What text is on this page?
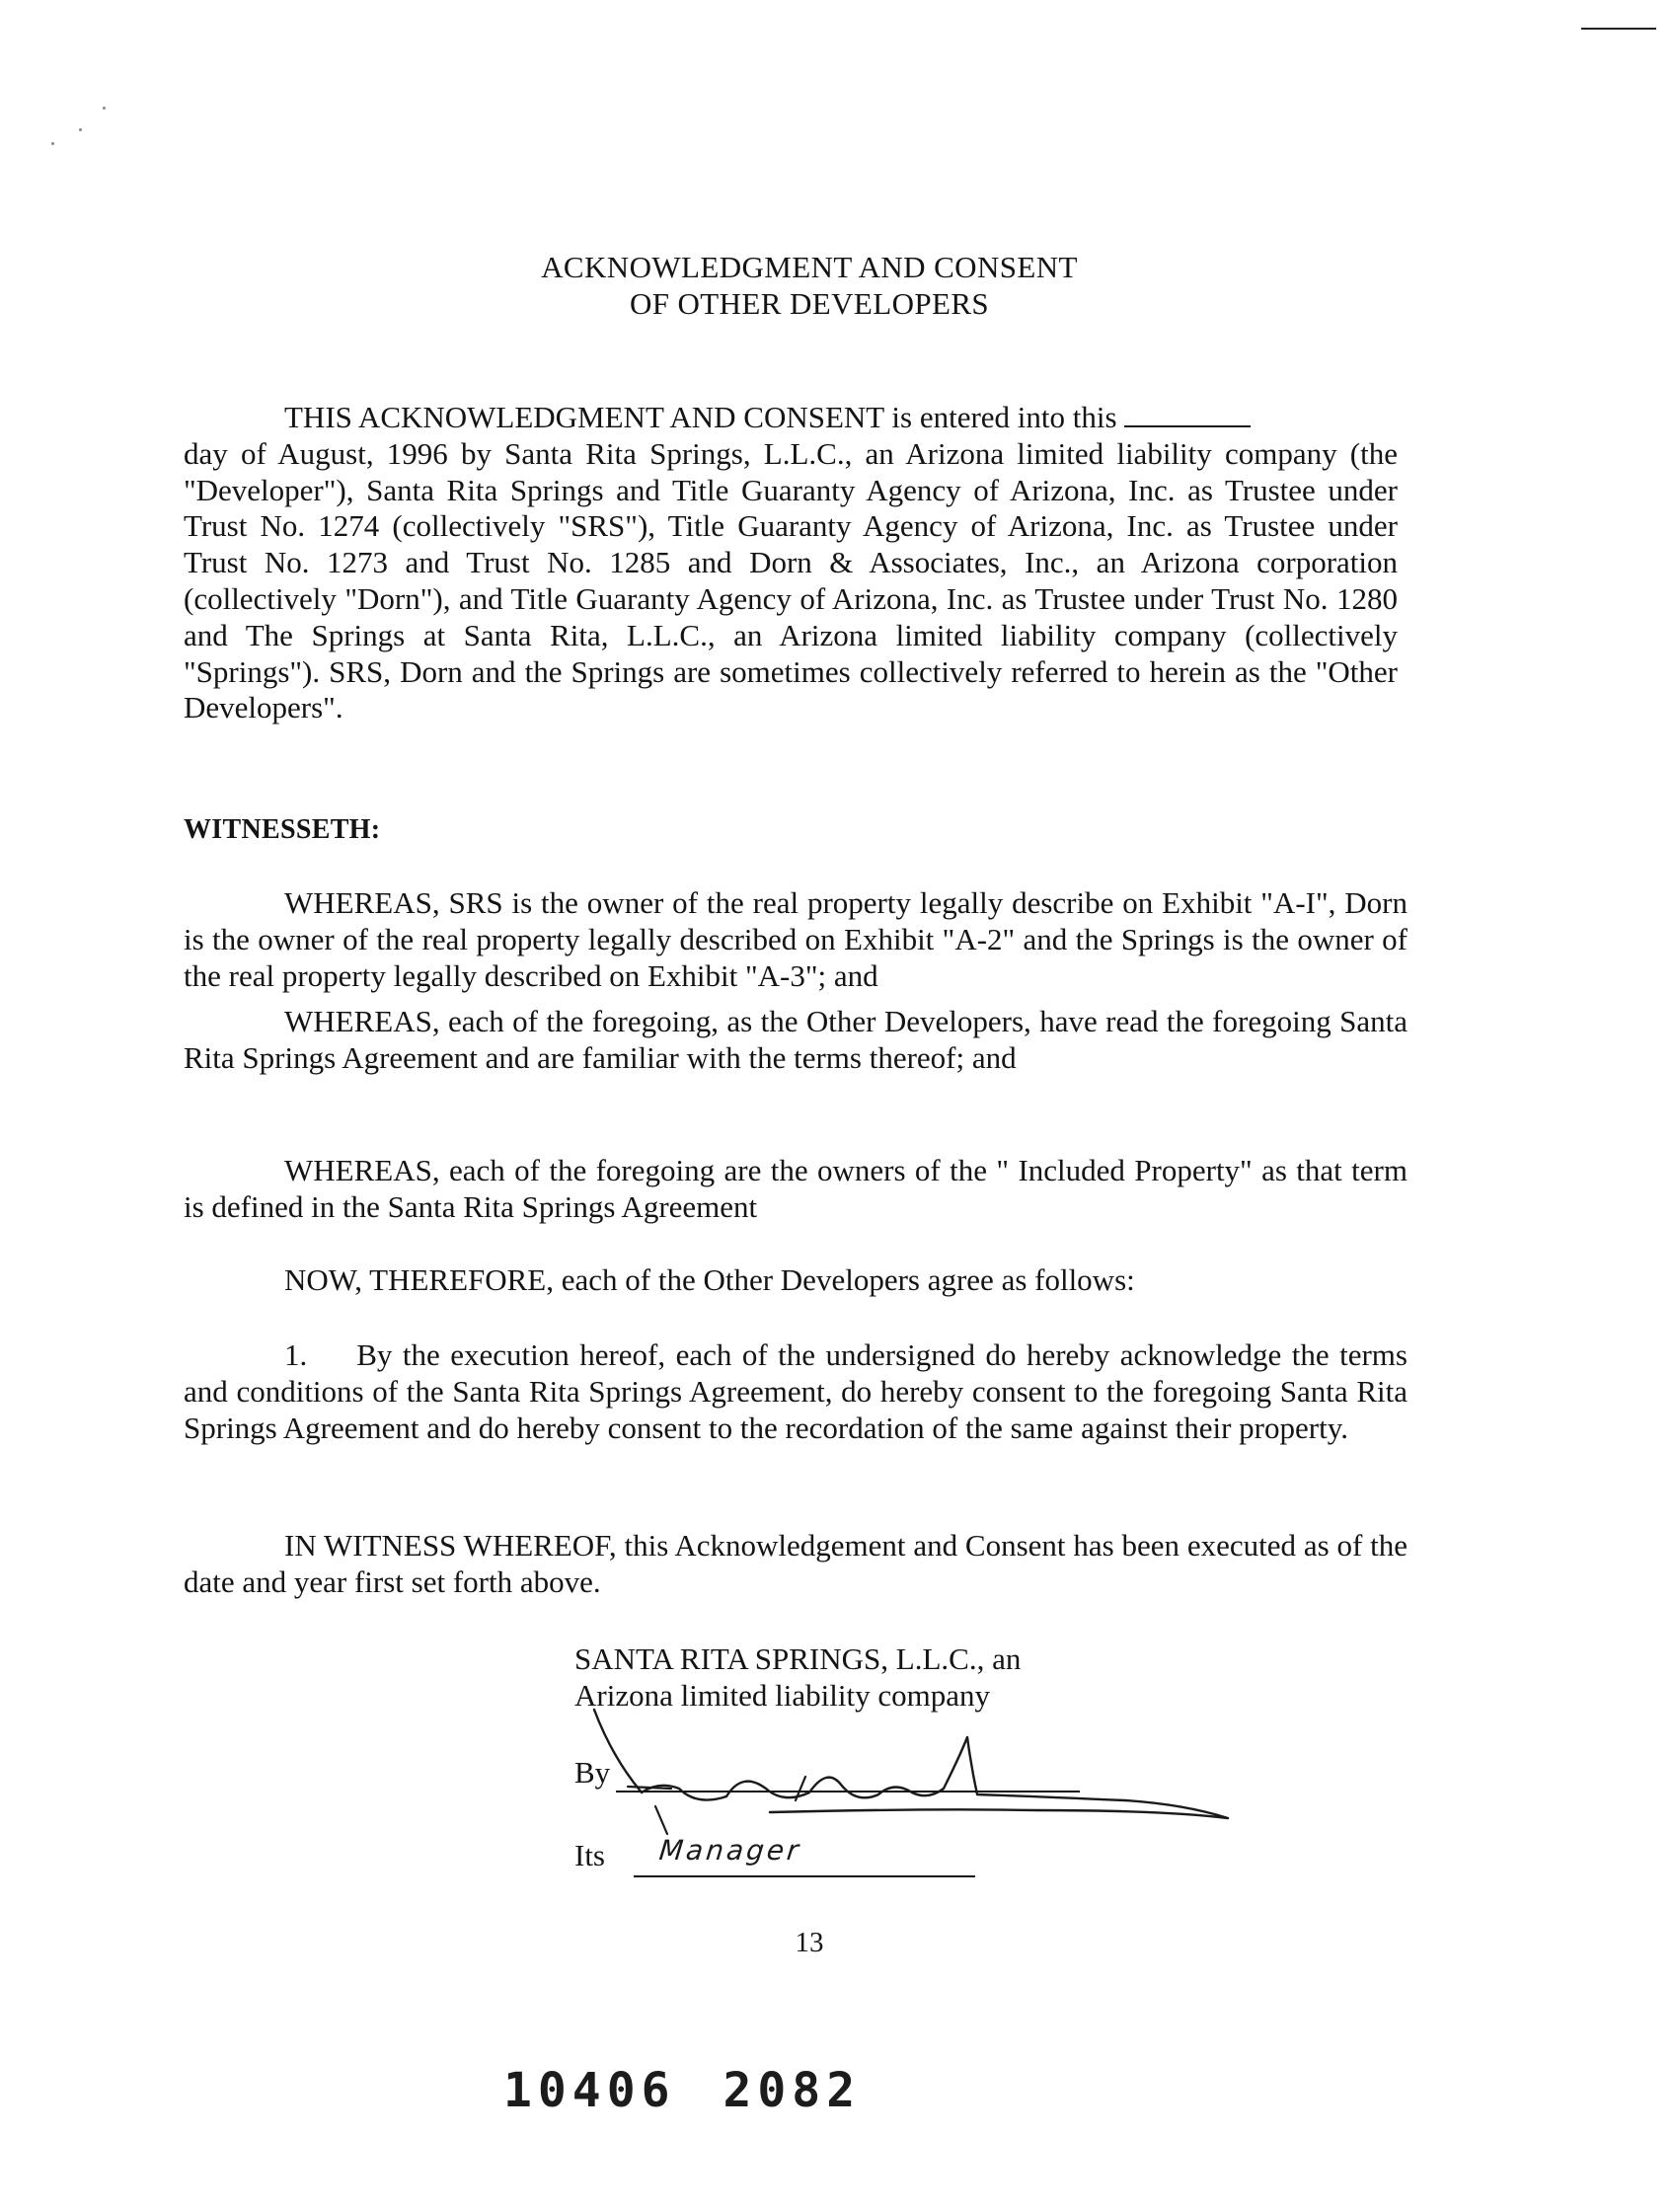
ACKNOWLEDGMENT AND CONSENT
OF OTHER DEVELOPERS

THIS ACKNOWLEDGMENT AND CONSENT is entered into this

day of August, 1996 by Santa Rita Springs, L.L.C., an Arizona limited liability company (the "Developer"), Santa Rita Springs and Title Guaranty Agency of Arizona, Inc. as Trustee under Trust No. 1274 (collectively "SRS"), Title Guaranty Agency of Arizona, Inc. as Trustee under Trust No. 1273 and Trust No. 1285 and Dorn & Associates, Inc., an Arizona corporation (collectively "Dorn"), and Title Guaranty Agency of Arizona, Inc. as Trustee under Trust No. 1280 and The Springs at Santa Rita, L.L.C., an Arizona limited liability company (collectively "Springs"). SRS, Dorn and the Springs are sometimes collectively referred to herein as the "Other Developers".

WITNESSETH:

WHEREAS, SRS is the owner of the real property legally describe on Exhibit "A-I", Dorn is the owner of the real property legally described on Exhibit "A-2" and the Springs is the owner of the real property legally described on Exhibit "A-3"; and

WHEREAS, each of the foregoing, as the Other Developers, have read the foregoing Santa Rita Springs Agreement and are familiar with the terms thereof; and

WHEREAS, each of the foregoing are the owners of the " Included Property" as that term is defined in the Santa Rita Springs Agreement

NOW, THEREFORE, each of the Other Developers agree as follows:

1. By the execution hereof, each of the undersigned do hereby acknowledge the terms and conditions of the Santa Rita Springs Agreement, do hereby consent to the foregoing Santa Rita Springs Agreement and do hereby consent to the recordation of the same against their property.

IN WITNESS WHEREOF, this Acknowledgement and Consent has been executed as of the date and year first set forth above.

SANTA RITA SPRINGS, L.L.C., an
Arizona limited liability company
By
Its Manager
13
10406 2082
